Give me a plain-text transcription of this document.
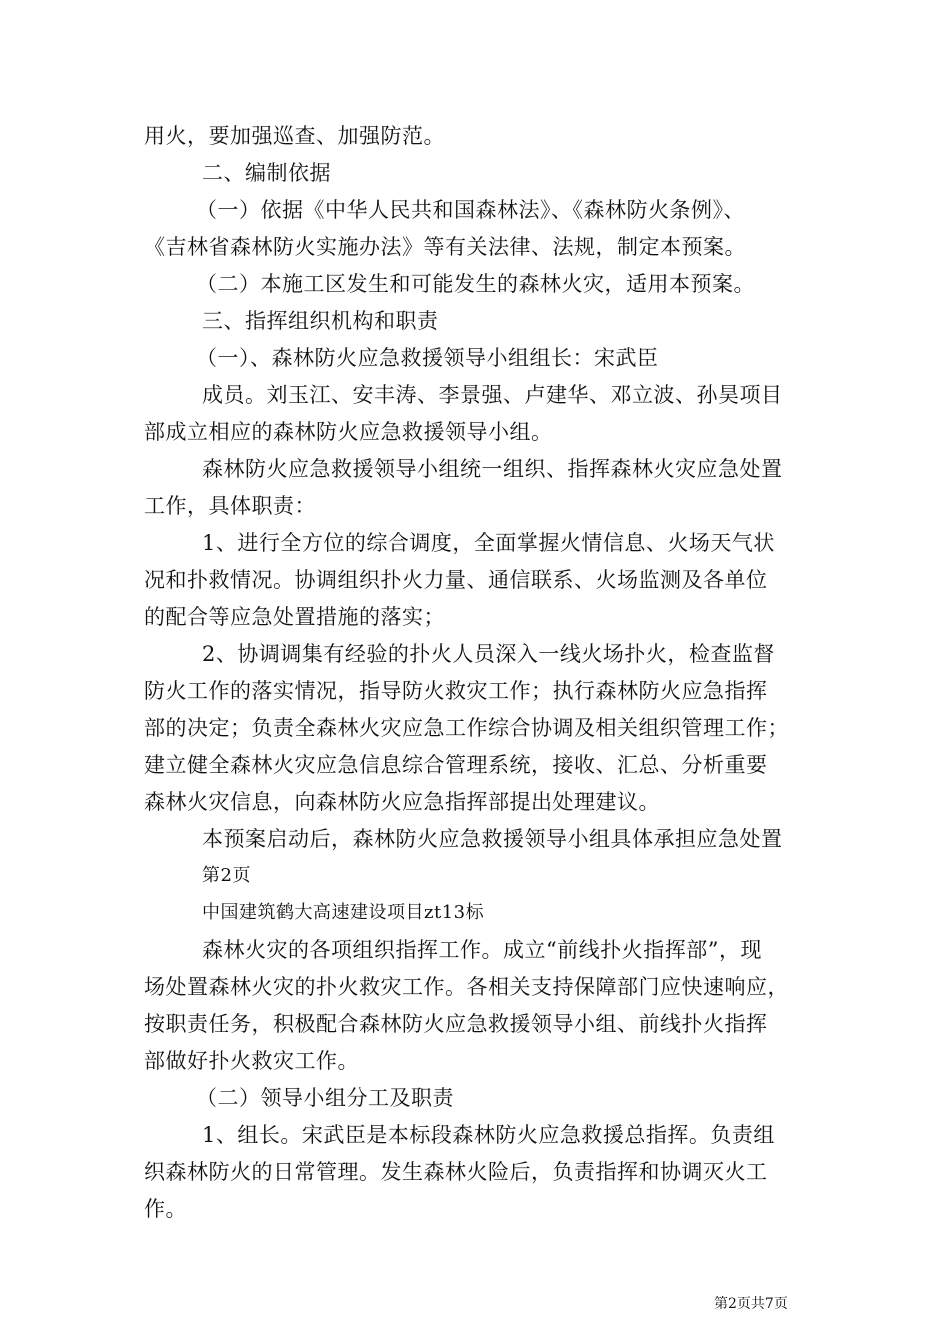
用火，要加强巡查、加强防范。
二、编制依据
（一）依据《中华人民共和国森林法》、《森林防火条例》、
《吉林省森林防火实施办法》等有关法律、法规，制定本预案。
（二）本施工区发生和可能发生的森林火灾，适用本预案。
三、指挥组织机构和职责
（一）、森林防火应急救援领导小组组长：宋武臣
成员。刘玉江、安丰涛、李景强、卢建华、邓立波、孙昊项目
部成立相应的森林防火应急救援领导小组。
森林防火应急救援领导小组统一组织、指挥森林火灾应急处置
工作，具体职责：
1、进行全方位的综合调度，全面掌握火情信息、火场天气状
况和扑救情况。协调组织扑火力量、通信联系、火场监测及各单位
的配合等应急处置措施的落实；
2、协调调集有经验的扑火人员深入一线火场扑火，检查监督
防火工作的落实情况，指导防火救灾工作；执行森林防火应急指挥
部的决定；负责全森林火灾应急工作综合协调及相关组织管理工作；
建立健全森林火灾应急信息综合管理系统，接收、汇总、分析重要
森林火灾信息，向森林防火应急指挥部提出处理建议。
本预案启动后，森林防火应急救援领导小组具体承担应急处置
第2页
中国建筑鹤大高速建设项目zt13标
森林火灾的各项组织指挥工作。成立“前线扑火指挥部”，现
场处置森林火灾的扑火救灾工作。各相关支持保障部门应快速响应，
按职责任务，积极配合森林防火应急救援领导小组、前线扑火指挥
部做好扑火救灾工作。
（二）领导小组分工及职责
1、组长。宋武臣是本标段森林防火应急救援总指挥。负责组
织森林防火的日常管理。发生森林火险后，负责指挥和协调灭火工
作。
第2页共7页
